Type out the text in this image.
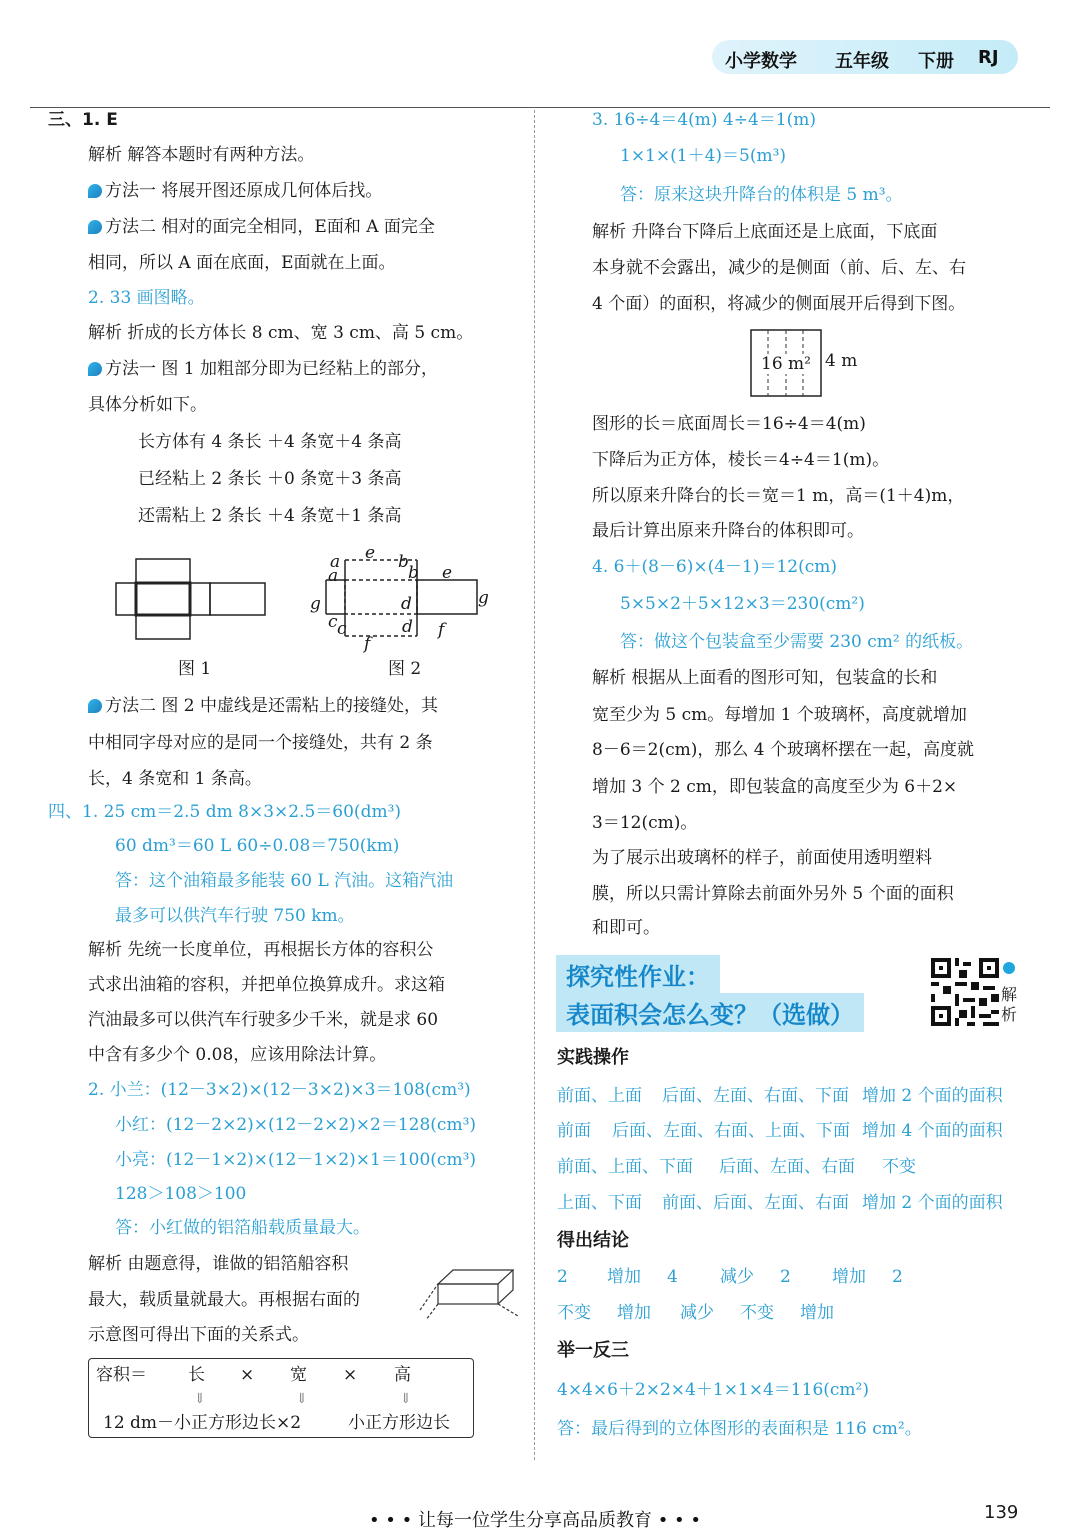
小学数学 五年级 下册 RJ
三、1. E
解析 解答本题时有两种方法。
方法一 将展开图还原成几何体后找。
方法二 相对的面完全相同，E面和 A 面完全
相同，所以 A 面在底面，E面就在上面。
2. 33 画图略。
解析 折成的长方体长 8 cm、宽 3 cm、高 5 cm。
方法一 图 1 加粗部分即为已经粘上的部分，
具体分析如下。
长方体有 4 条长 ＋4 条宽＋4 条高
已经粘上 2 条长 ＋0 条宽＋3 条高
还需粘上 2 条长 ＋4 条宽＋1 条高
图 1
a e b
b
a	e
g	g
d
c c	d
f
f
图 2
方法二 图 2 中虚线是还需粘上的接缝处，其
中相同字母对应的是同一个接缝处，共有 2 条
长，4 条宽和 1 条高。
四、1. 25 cm＝2.5 dm 8×3×2.5＝60(dm³)
60 dm³＝60 L 60÷0.08＝750(km)
答：这个油箱最多能装 60 L 汽油。这箱汽油
最多可以供汽车行驶 750 km。
解析 先统一长度单位，再根据长方体的容积公
式求出油箱的容积，并把单位换算成升。求这箱
汽油最多可以供汽车行驶多少千米，就是求 60
中含有多少个 0.08，应该用除法计算。
2. 小兰：(12－3×2)×(12－3×2)×3＝108(cm³)
小红：(12－2×2)×(12－2×2)×2＝128(cm³)
小亮：(12－1×2)×(12－1×2)×1＝100(cm³)
128＞108＞100
答：小红做的铝箔船载质量最大。
解析 由题意得，谁做的铝箔船容积
最大，载质量就最大。再根据右面的
示意图可得出下面的关系式。
容积＝ 长 × 宽 × 高
⇓	⇓	⇓
12 dm－小正方形边长×2	小正方形边长
3. 16÷4＝4(m) 4÷4＝1(m)
1×1×(1＋4)＝5(m³)
答：原来这块升降台的体积是 5 m³。
解析 升降台下降后上底面还是上底面，下底面
本身就不会露出，减少的是侧面（前、后、左、右
4 个面）的面积，将减少的侧面展开后得到下图。
16 m² 4 m
图形的长＝底面周长＝16÷4＝4(m)
下降后为正方体，棱长＝4÷4＝1(m)。
所以原来升降台的长＝宽＝1 m，高＝(1＋4)m，
最后计算出原来升降台的体积即可。
4. 6＋(8－6)×(4－1)＝12(cm)
5×5×2＋5×12×3＝230(cm²)
答：做这个包装盒至少需要 230 cm² 的纸板。
解析 根据从上面看的图形可知，包装盒的长和
宽至少为 5 cm。每增加 1 个玻璃杯，高度就增加
8－6＝2(cm)，那么 4 个玻璃杯摆在一起，高度就
增加 3 个 2 cm，即包装盒的高度至少为 6＋2×
3＝12(cm)。
为了展示出玻璃杯的样子，前面使用透明塑料
膜，所以只需计算除去前面外另外 5 个面的面积
和即可。
探究性作业：
表面积会怎么变？（选做）
解
析
实践操作
前面、上面 后面、左面、右面、下面 增加 2 个面的面积
前面 后面、左面、右面、上面、下面 增加 4 个面的面积
前面、上面、下面 后面、左面、右面 不变
上面、下面 前面、后面、左面、右面 增加 2 个面的面积
得出结论
2 增加 4 减少 2 增加 2
不变 增加 减少 不变 增加
举一反三
4×4×6＋2×2×4＋1×1×4＝116(cm²)
答：最后得到的立体图形的表面积是 116 cm²。
• • • 让每一位学生分享高品质教育 • • •	139
